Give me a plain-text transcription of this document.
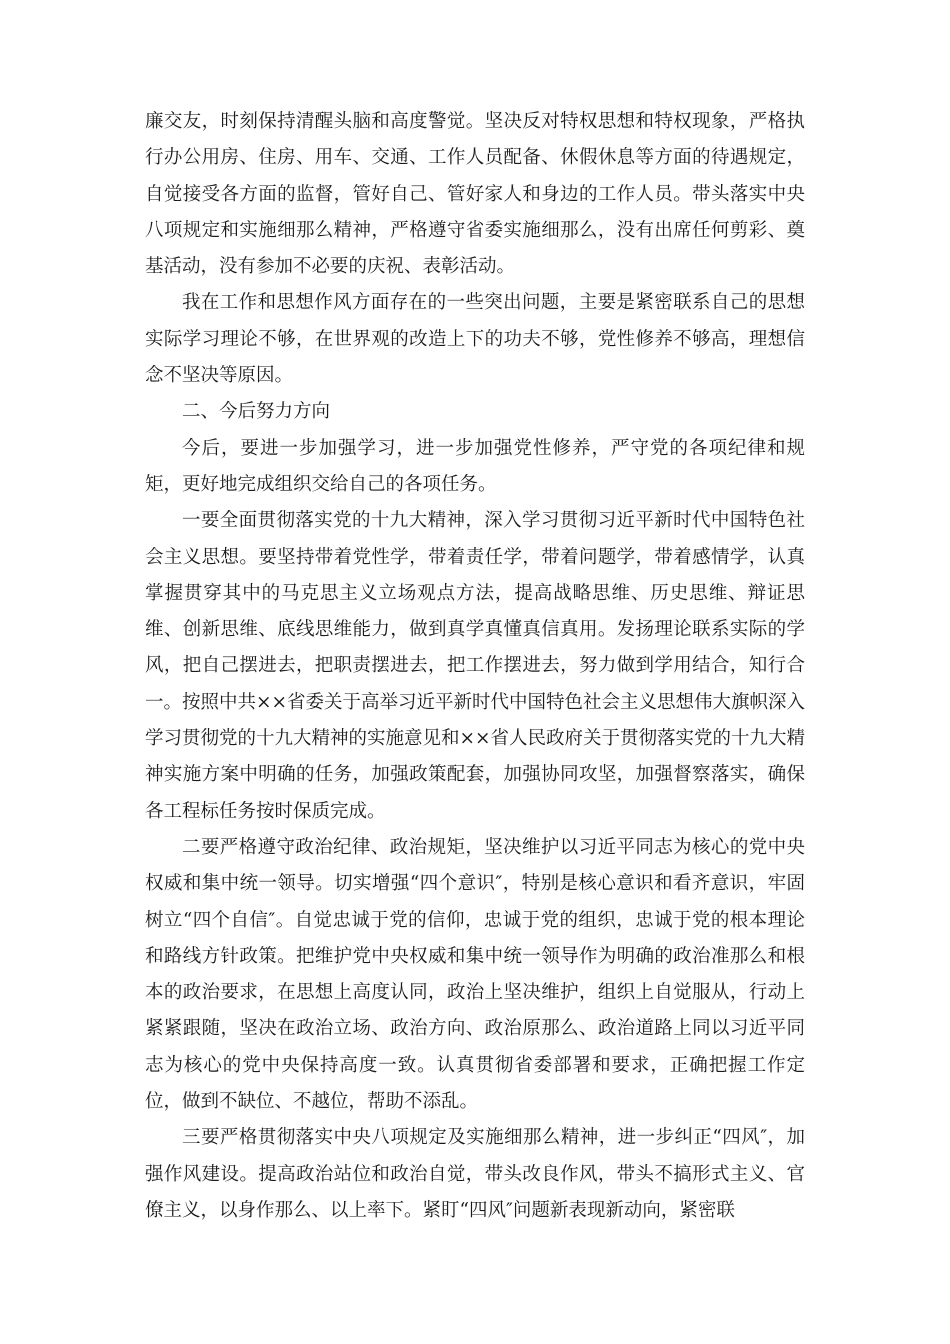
廉交友，时刻保持清醒头脑和高度警觉。坚决反对特权思想和特权现象，严格执行办公用房、住房、用车、交通、工作人员配备、休假休息等方面的待遇规定，自觉接受各方面的监督，管好自己、管好家人和身边的工作人员。带头落实中央八项规定和实施细那么精神，严格遵守省委实施细那么，没有出席任何剪彩、奠基活动，没有参加不必要的庆祝、表彰活动。

我在工作和思想作风方面存在的一些突出问题，主要是紧密联系自己的思想实际学习理论不够，在世界观的改造上下的功夫不够，党性修养不够高，理想信念不坚决等原因。

二、今后努力方向

今后，要进一步加强学习，进一步加强党性修养，严守党的各项纪律和规矩，更好地完成组织交给自己的各项任务。

一要全面贯彻落实党的十九大精神，深入学习贯彻习近平新时代中国特色社会主义思想。要坚持带着党性学，带着责任学，带着问题学，带着感情学，认真掌握贯穿其中的马克思主义立场观点方法，提高战略思维、历史思维、辩证思维、创新思维、底线思维能力，做到真学真懂真信真用。发扬理论联系实际的学风，把自己摆进去，把职责摆进去，把工作摆进去，努力做到学用结合，知行合一。按照中共××省委关于高举习近平新时代中国特色社会主义思想伟大旗帜深入学习贯彻党的十九大精神的实施意见和××省人民政府关于贯彻落实党的十九大精神实施方案中明确的任务，加强政策配套，加强协同攻坚，加强督察落实，确保各工程标任务按时保质完成。

二要严格遵守政治纪律、政治规矩，坚决维护以习近平同志为核心的党中央权威和集中统一领导。切实增强“四个意识″，特别是核心意识和看齐意识，牢固树立“四个自信″。自觉忠诚于党的信仰，忠诚于党的组织，忠诚于党的根本理论和路线方针政策。把维护党中央权威和集中统一领导作为明确的政治准那么和根本的政治要求，在思想上高度认同，政治上坚决维护，组织上自觉服从，行动上紧紧跟随，坚决在政治立场、政治方向、政治原那么、政治道路上同以习近平同志为核心的党中央保持高度一致。认真贯彻省委部署和要求，正确把握工作定位，做到不缺位、不越位，帮助不添乱。

三要严格贯彻落实中央八项规定及实施细那么精神，进一步纠正“四风″，加强作风建设。提高政治站位和政治自觉，带头改良作风，带头不搞形式主义、官僚主义，以身作那么、以上率下。紧盯“四风″问题新表现新动向，紧密联
